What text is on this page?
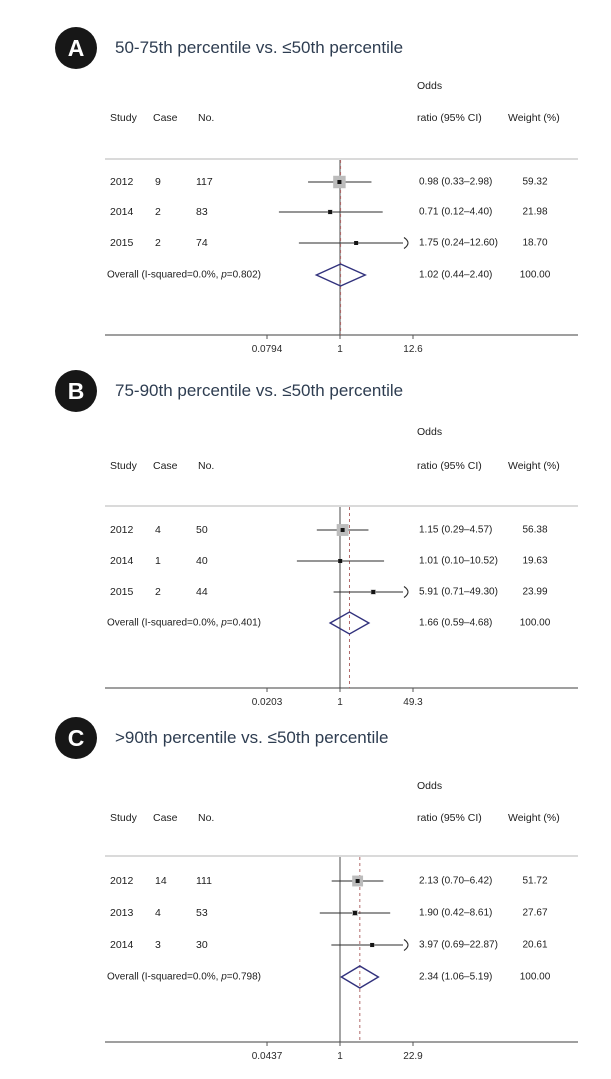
0.0794	1	12.6
0.0203	1	49.3
0.0437	1	22.9
A	50-75th percentile vs. ≤50th percentile
B	75-90th percentile vs. ≤50th percentile
C	>90th percentile vs. ≤50th percentile
Study Case No.
Odds
ratio (95% CI) Weight (%)
2012 9	117	0.98 (0.33–2.98)	59.32
2014 2	83	0.71 (0.12–4.40)	21.98
2015 2	74	1.75 (0.24–12.60) 18.70
Overall (I-squared=0.0%, p=0.802)	1.02 (0.44–2.40)	100.00
Study Case No.
Odds
ratio (95% CI) Weight (%)
2012 4	50	1.15 (0.29–4.57)	56.38
2014 1	40	1.01 (0.10–10.52) 19.63
2015 2	44	5.91 (0.71–49.30) 23.99
Overall (I-squared=0.0%, p=0.401)	1.66 (0.59–4.68)	100.00
Study Case No.
Odds
ratio (95% CI) Weight (%)
2012 14	111	2.13 (0.70–6.42)	51.72
2013 4	53	1.90 (0.42–8.61)	27.67
2014 3	30	3.97 (0.69–22.87) 20.61
Overall (I-squared=0.0%, p=0.798)	2.34 (1.06–5.19)	100.00
